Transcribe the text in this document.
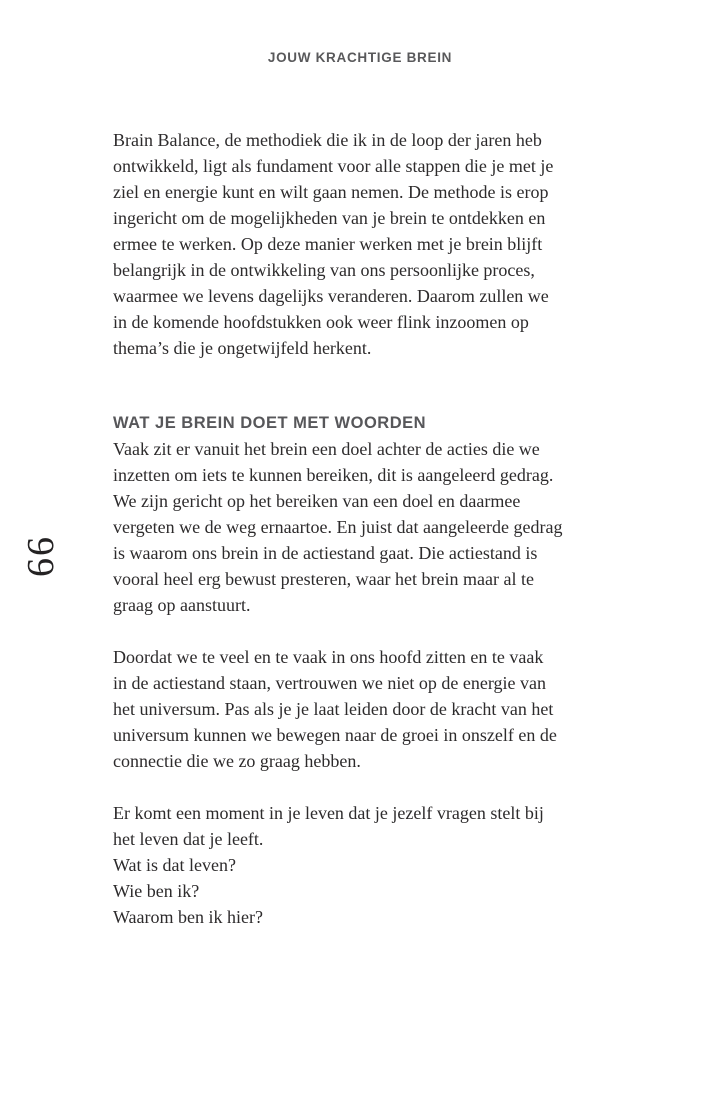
JOUW KRACHTIGE BREIN
66
Brain Balance, de methodiek die ik in de loop der jaren heb
ontwikkeld, ligt als fundament voor alle stappen die je met je
ziel en energie kunt en wilt gaan nemen. De methode is erop
ingericht om de mogelijkheden van je brein te ontdekken en
ermee te werken. Op deze manier werken met je brein blijft
belangrijk in de ontwikkeling van ons persoonlijke proces,
waarmee we levens dagelijks veranderen. Daarom zullen we
in de komende hoofdstukken ook weer flink inzoomen op
thema’s die je ongetwijfeld herkent.
WAT JE BREIN DOET MET WOORDEN
Vaak zit er vanuit het brein een doel achter de acties die we
inzetten om iets te kunnen bereiken, dit is aangeleerd gedrag.
We zijn gericht op het bereiken van een doel en daarmee
vergeten we de weg ernaartoe. En juist dat aangeleerde gedrag
is waarom ons brein in de actiestand gaat. Die actiestand is
vooral heel erg bewust presteren, waar het brein maar al te
graag op aanstuurt.
Doordat we te veel en te vaak in ons hoofd zitten en te vaak
in de actiestand staan, vertrouwen we niet op de energie van
het universum. Pas als je je laat leiden door de kracht van het
universum kunnen we bewegen naar de groei in onszelf en de
connectie die we zo graag hebben.
Er komt een moment in je leven dat je jezelf vragen stelt bij
het leven dat je leeft.
Wat is dat leven?
Wie ben ik?
Waarom ben ik hier?
